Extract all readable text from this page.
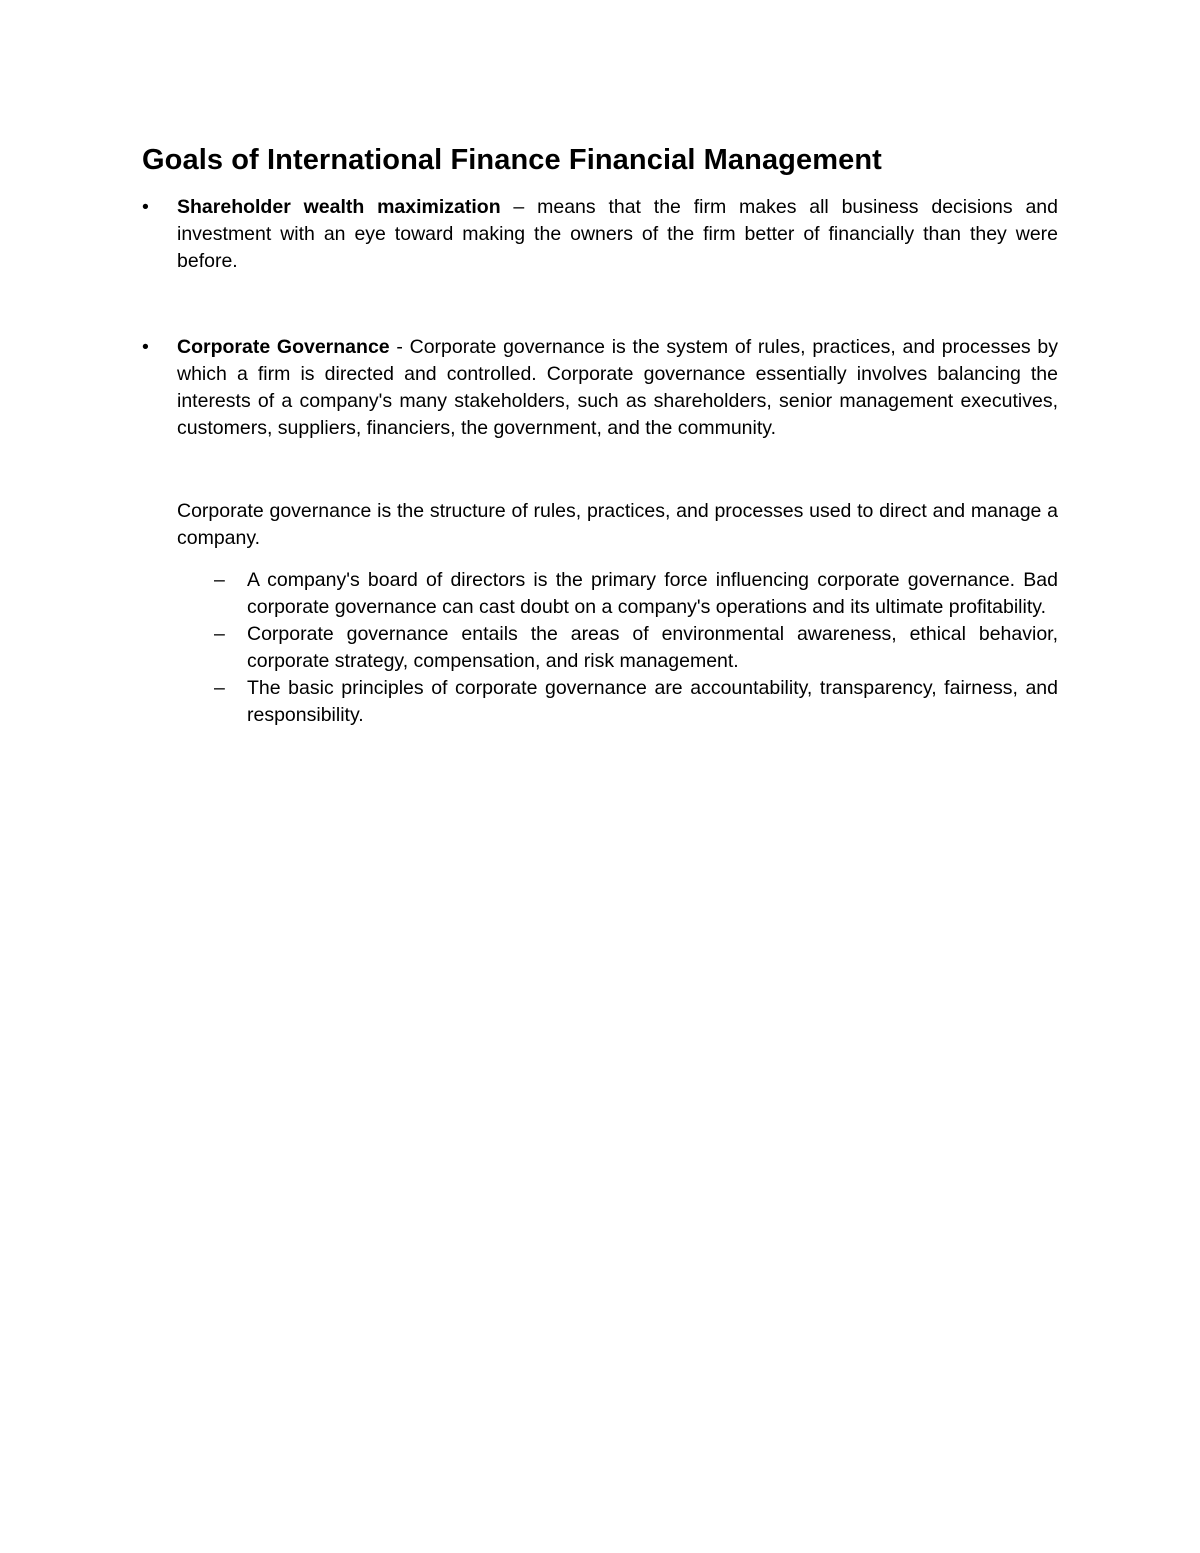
Goals of International Finance Financial Management
• Shareholder wealth maximization – means that the firm makes all business decisions and investment with an eye toward making the owners of the firm better of financially than they were before.
• Corporate Governance - Corporate governance is the system of rules, practices, and processes by which a firm is directed and controlled. Corporate governance essentially involves balancing the interests of a company's many stakeholders, such as shareholders, senior management executives, customers, suppliers, financiers, the government, and the community.
Corporate governance is the structure of rules, practices, and processes used to direct and manage a company.
– A company's board of directors is the primary force influencing corporate governance. Bad corporate governance can cast doubt on a company's operations and its ultimate profitability.
– Corporate governance entails the areas of environmental awareness, ethical behavior, corporate strategy, compensation, and risk management.
– The basic principles of corporate governance are accountability, transparency, fairness, and responsibility.
